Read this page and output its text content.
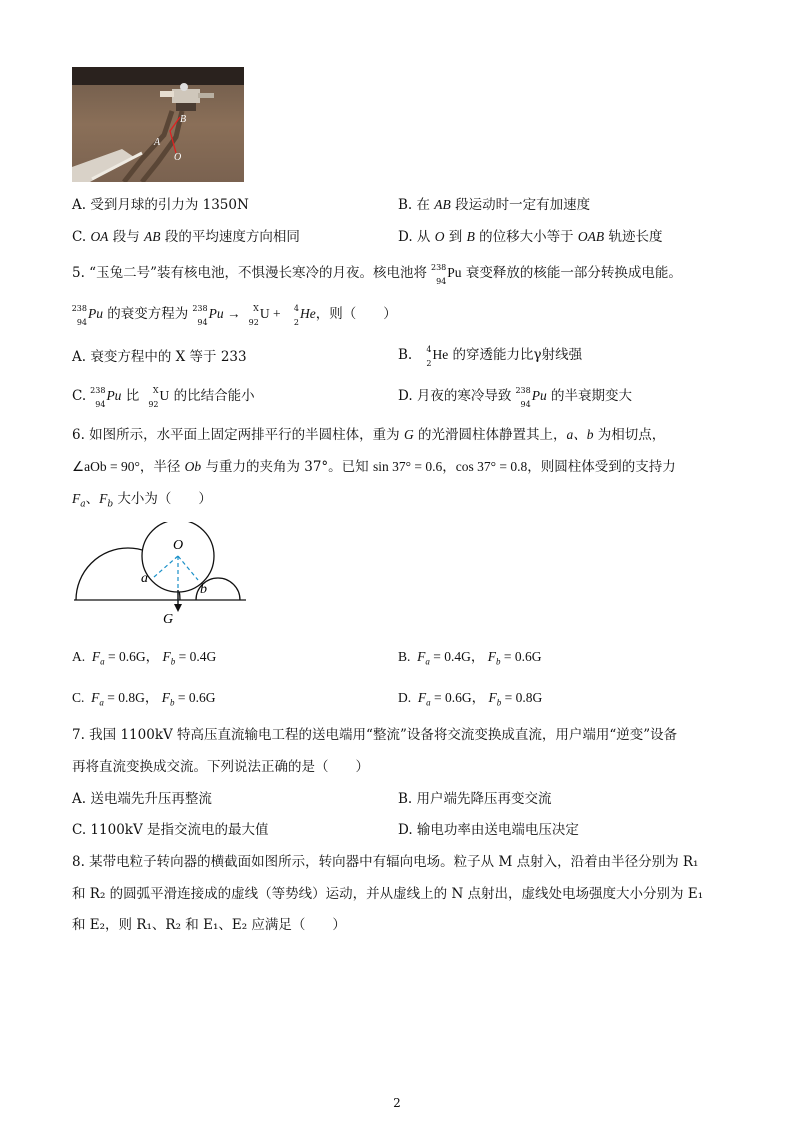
A
B
O
A. 受到月球的引力为 1350N	B. 在 AB 段运动时一定有加速度
C. OA 段与 AB 段的平均速度方向相同	D. 从 O 到 B 的位移大小等于 OAB 轨迹长度
5. “玉兔二号”装有核电池，不惧漫长寒冷的月夜。核电池将 238
94
Pu 衰变释放的核能一部分转换成电能。
238
94
Pu 的衰变方程为 238
94
Pu → X
92
U + 4
2
He，则（　　）
A. 衰变方程中的 X 等于 233	B. 4
2
He 的穿透能力比γ射线强
C. 238
94
Pu 比 X
92
U 的比结合能小	D. 月夜的寒冷导致 238
94
Pu 的半衰期变大
6. 如图所示，水平面上固定两排平行的半圆柱体，重为 G 的光滑圆柱体静置其上，a、b 为相切点，
∠aOb = 90°，半径 Ob 与重力的夹角为 37°。已知 sin 37° = 0.6，cos 37° = 0.8，则圆柱体受到的支持力
$F_a$、$F_b$ 大小为（　　）
O
a
b
G
A. $F_a = 0.6G$， $F_b = 0.4G$	B. $F_a = 0.4G$， $F_b = 0.6G$
C. $F_a = 0.8G$， $F_b = 0.6G$	D. $F_a = 0.6G$， $F_b = 0.8G$
7. 我国 1100kV 特高压直流输电工程的送电端用“整流”设备将交流变换成直流，用户端用“逆变”设备
再将直流变换成交流。下列说法正确的是（　　）
A. 送电端先升压再整流	B. 用户端先降压再变交流
C. 1100kV 是指交流电的最大值	D. 输电功率由送电端电压决定
8. 某带电粒子转向器的横截面如图所示，转向器中有辐向电场。粒子从 M 点射入，沿着由半径分别为 R₁
和 R₂ 的圆弧平滑连接成的虚线（等势线）运动，并从虚线上的 N 点射出，虚线处电场强度大小分别为 E₁
和 E₂，则 R₁、R₂ 和 E₁、E₂ 应满足（　　）
2
